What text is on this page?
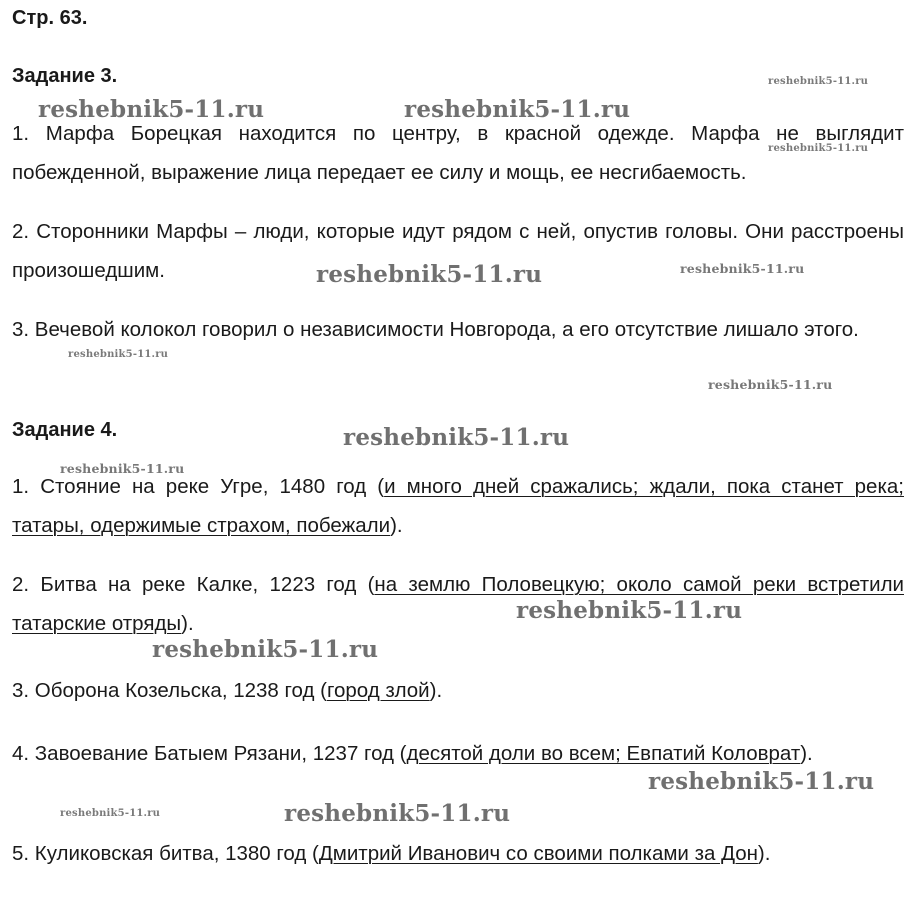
Стр. 63.
Задание 3.
1. Марфа Борецкая находится по центру, в красной одежде. Марфа не выглядит побежденной, выражение лица передает ее силу и мощь, ее несгибаемость.
2. Сторонники Марфы – люди, которые идут рядом с ней, опустив головы. Они расстроены произошедшим.
3. Вечевой колокол говорил о независимости Новгорода, а его отсутствие лишало этого.
Задание 4.
1. Стояние на реке Угре, 1480 год (и много дней сражались; ждали, пока станет река; татары, одержимые страхом, побежали).
2. Битва на реке Калке, 1223 год (на землю Половецкую; около самой реки встретили татарские отряды).
3. Оборона Козельска, 1238 год (город злой).
4. Завоевание Батыем Рязани, 1237 год (десятой доли во всем; Евпатий Коловрат).
5. Куликовская битва, 1380 год (Дмитрий Иванович со своими полками за Дон).
reshebnik5-11.ru
reshebnik5-11.ru	reshebnik5-11.ru
reshebnik5-11.ru
reshebnik5-11.ru	reshebnik5-11.ru
reshebnik5-11.ru
reshebnik5-11.ru
reshebnik5-11.ru
reshebnik5-11.ru
reshebnik5-11.ru
reshebnik5-11.ru
reshebnik5-11.ru
reshebnik5-11.ru
reshebnik5-11.ru
